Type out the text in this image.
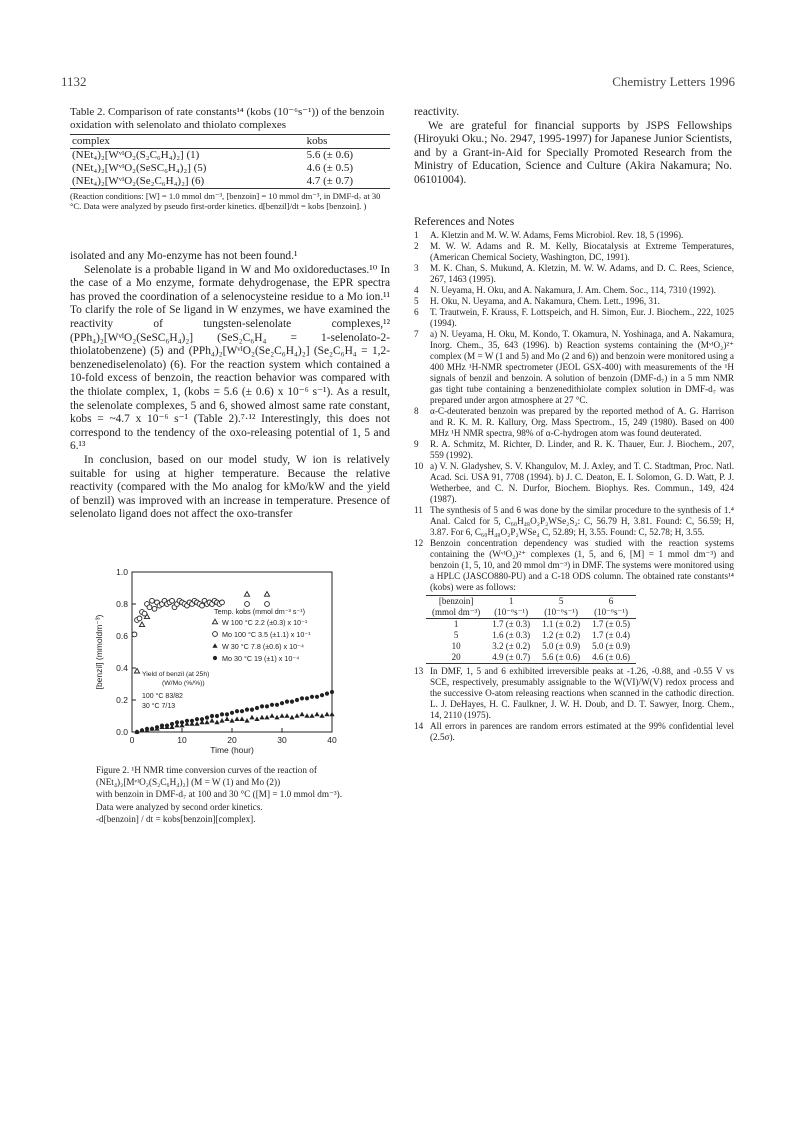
1132	Chemistry Letters 1996
Table 2. Comparison of rate constants¹⁴ (kobs (10⁻⁶s⁻¹)) of the benzoin oxidation with selenolato and thiolato complexes
complex	kobs
(NEt₄)₂[WᵛᴵO₂(S₂C₆H₄)₂] (1)	5.6 (± 0.6)
(NEt₄)₂[WᵛᴵO₂(SeSC₆H₄)₂] (5)	4.6 (± 0.5)
(NEt₄)₂[WᵛᴵO₂(Se₂C₆H₄)₂] (6)	4.7 (± 0.7)
(Reaction conditions: [W] = 1.0 mmol dm⁻³, [benzoin] = 10 mmol dm⁻³, in DMF-d₇ at 30 °C. Data were analyzed by pseudo first-order kinetics. d[benzil]/dt = kobs [benzoin]. )

isolated and any Mo-enzyme has not been found.¹

Selenolate is a probable ligand in W and Mo oxidoreductases.¹⁰ In the case of a Mo enzyme, formate dehydrogenase, the EPR spectra has proved the coordination of a selenocysteine residue to a Mo ion.¹¹ To clarify the role of Se ligand in W enzymes, we have examined the reactivity of tungsten-selenolate complexes,¹² (PPh₄)₂[WᵛᴵO₂(SeSC₆H₄)₂] (SeS₂C₆H₄ = 1-selenolato-2-thiolatobenzene) (5) and (PPh₄)₂[WᵛᴵO₂(Se₂C₆H₄)₂] (Se₂C₆H₄ = 1,2-benzenediselenolato) (6). For the reaction system which contained a 10-fold excess of benzoin, the reaction behavior was compared with the thiolate complex, 1, (kobs = 5.6 (± 0.6) x 10⁻⁶ s⁻¹). As a result, the selenolate complexes, 5 and 6, showed almost same rate constant, kobs = ~4.7 x 10⁻⁶ s⁻¹ (Table 2).⁷·¹² Interestingly, this does not correspond to the tendency of the oxo-releasing potential of 1, 5 and 6.¹³

In conclusion, based on our model study, W ion is relatively suitable for using at higher temperature. Because the relative reactivity (compared with the Mo analog for kMo/kW and the yield of benzil) was improved with an increase in temperature. Presence of selenolato ligand does not affect the oxo-transfer

0	10	20	30	40
0.0
0.2
0.4
0.6
0.8
1.0
Time (hour)
[benzil] (mmoldm⁻³)
Temp. kobs (mmol dm⁻³ s⁻¹)
W 100 °C 2.2 (±0.3) x 10⁻¹
Mo 100 °C 3.5 (±1.1) x 10⁻¹
W 30 °C 7.8 (±0.6) x 10⁻⁴
Mo 30 °C 19 (±1) x 10⁻⁴
Yield of benzil (at 25h)
(W/Mo (%/%))
100 °C 83/82
30 °C 7/13
Figure 2. ¹H NMR time conversion curves of the reaction of
(NEt₄)₂[MᵛᴵO₂(S₂C₆H₄)₂] (M = W (1) and Mo (2))
with benzoin in DMF-d₇ at 100 and 30 °C ([M] = 1.0 mmol dm⁻³).
Data were analyzed by second order kinetics.
-d[benzoin] / dt = kobs[benzoin][complex].

reactivity.

We are grateful for financial supports by JSPS Fellowships (Hiroyuki Oku.; No. 2947, 1995-1997) for Japanese Junior Scientists, and by a Grant-in-Aid for Specially Promoted Research from the Ministry of Education, Science and Culture (Akira Nakamura; No. 06101004).

References and Notes
1	A. Kletzin and M. W. W. Adams, Fems Microbiol. Rev. 18, 5 (1996).
2	M. W. W. Adams and R. M. Kelly, Biocatalysis at Extreme Temperatures, (American Chemical Society, Washington, DC, 1991).
3	M. K. Chan, S. Mukund, A. Kletzin, M. W. W. Adams, and D. C. Rees, Science, 267, 1463 (1995).
4	N. Ueyama, H. Oku, and A. Nakamura, J. Am. Chem. Soc., 114, 7310 (1992).
5	H. Oku, N. Ueyama, and A. Nakamura, Chem. Lett., 1996, 31.
6	T. Trautwein, F. Krauss, F. Lottspeich, and H. Simon, Eur. J. Biochem., 222, 1025 (1994).
7	a) N. Ueyama, H. Oku, M. Kondo, T. Okamura, N. Yoshinaga, and A. Nakamura, Inorg. Chem., 35, 643 (1996). b) Reaction systems containing the (MᵛᴵO₂)²⁺ complex (M = W (1 and 5) and Mo (2 and 6)) and benzoin were monitored using a 400 MHz ¹H-NMR spectrometer (JEOL GSX-400) with measurements of the ¹H signals of benzil and benzoin. A solution of benzoin (DMF-d₇) in a 5 mm NMR gas tight tube containing a benzenedithiolate complex solution in DMF-d₇ was prepared under argon atmosphere at 27 °C.
8	α-C-deuterated benzoin was prepared by the reported method of A. G. Harrison and R. K. M. R. Kallury, Org. Mass Spectrom., 15, 249 (1980). Based on 400 MHz ¹H NMR spectra, 98% of α-C-hydrogen atom was found deuterated.
9	R. A. Schmitz, M. Richter, D. Linder, and R. K. Thauer, Eur. J. Biochem., 207, 559 (1992).
10 a) V. N. Gladyshev, S. V. Khangulov, M. J. Axley, and T. C. Stadtman, Proc. Natl. Acad. Sci. USA 91, 7708 (1994). b) J. C. Deaton, E. I. Solomon, G. D. Watt, P. J. Wetherbee, and C. N. Durfor, Biochem. Biophys. Res. Commun., 149, 424 (1987).
11 The synthesis of 5 and 6 was done by the similar procedure to the synthesis of 1.⁴ Anal. Calcd for 5, C₆₀H₄₈O₂P₂WSe₂S₂: C, 56.79 H, 3.81. Found: C, 56.59; H, 3.87. For 6, C₆₀H₄₈O₂P₂WSe₄ C, 52.89; H, 3.55. Found: C, 52.78; H, 3.55.
12 Benzoin concentration dependency was studied with the reaction systems containing the (WᵛᴵO₂)²⁺ complexes (1, 5, and 6, [M] = 1 mmol dm⁻³) and benzoin (1, 5, 10, and 20 mmol dm⁻³) in DMF. The systems were monitored using a HPLC (JASCO880-PU) and a C-18 ODS column. The obtained rate constants¹⁴ (kobs) were as follows:
[benzoin]	1	5	6
(mmol dm⁻³)	(10⁻⁶s⁻¹)	(10⁻⁶s⁻¹)	(10⁻⁶s⁻¹)
1	1.7 (± 0.3)	1.1 (± 0.2)	1.7 (± 0.5)
5	1.6 (± 0.3)	1.2 (± 0.2)	1.7 (± 0.4)
10	3.2 (± 0.2)	5.0 (± 0.9)	5.0 (± 0.9)
20	4.9 (± 0.7)	5.6 (± 0.6)	4.6 (± 0.6)
13 In DMF, 1, 5 and 6 exhibited irreversible peaks at -1.26, -0.88, and -0.55 V vs SCE, respectively, presumably assignable to the W(VI)/W(V) redox process and the successive O-atom releasing reactions when scanned in the cathodic direction. L. J. DeHayes, H. C. Faulkner, J. W. H. Doub, and D. T. Sawyer, Inorg. Chem., 14, 2110 (1975).
14 All errors in parences are random errors estimated at the 99% confidential level (2.5σ).
